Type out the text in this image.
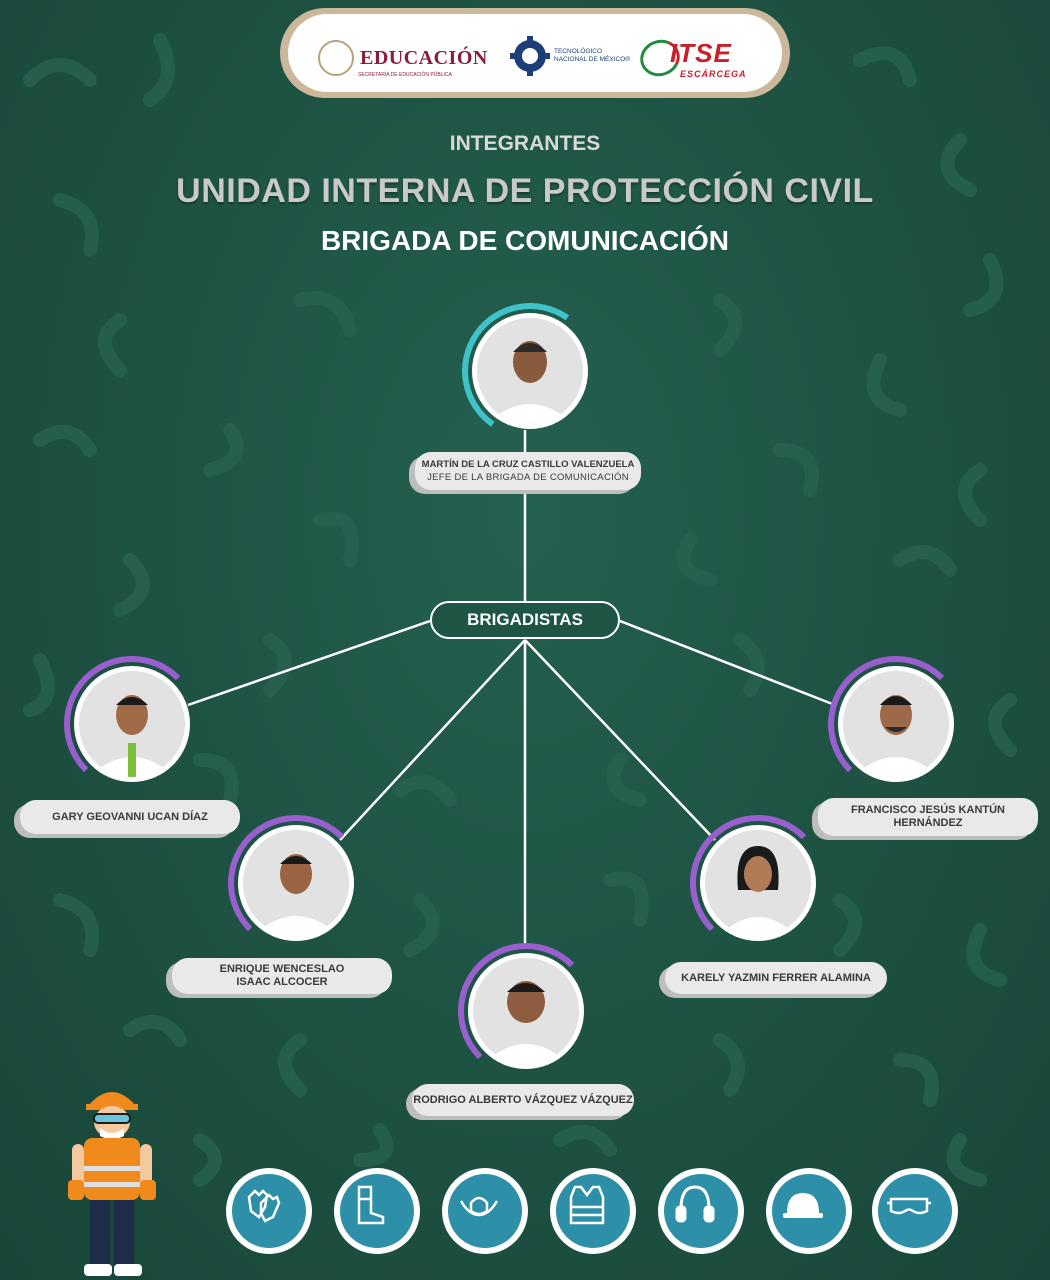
EDUCACIÓN
SECRETARÍA DE EDUCACIÓN PÚBLICA
TECNOLÓGICO
NACIONAL DE MÉXICO® ITSE
ESCÁRCEGA
INTEGRANTES
UNIDAD INTERNA DE PROTECCIÓN CIVIL
BRIGADA DE COMUNICACIÓN
MARTÍN DE LA CRUZ CASTILLO VALENZUELA
JEFE DE LA BRIGADA DE COMUNICACIÓN
BRIGADISTAS
GARY GEOVANNI UCAN DÍAZ
ENRIQUE WENCESLAO
ISAAC ALCOCER
RODRIGO ALBERTO VÁZQUEZ VÁZQUEZ
KARELY YAZMIN FERRER ALAMINA
FRANCISCO JESÚS KANTÚN
HERNÁNDEZ
